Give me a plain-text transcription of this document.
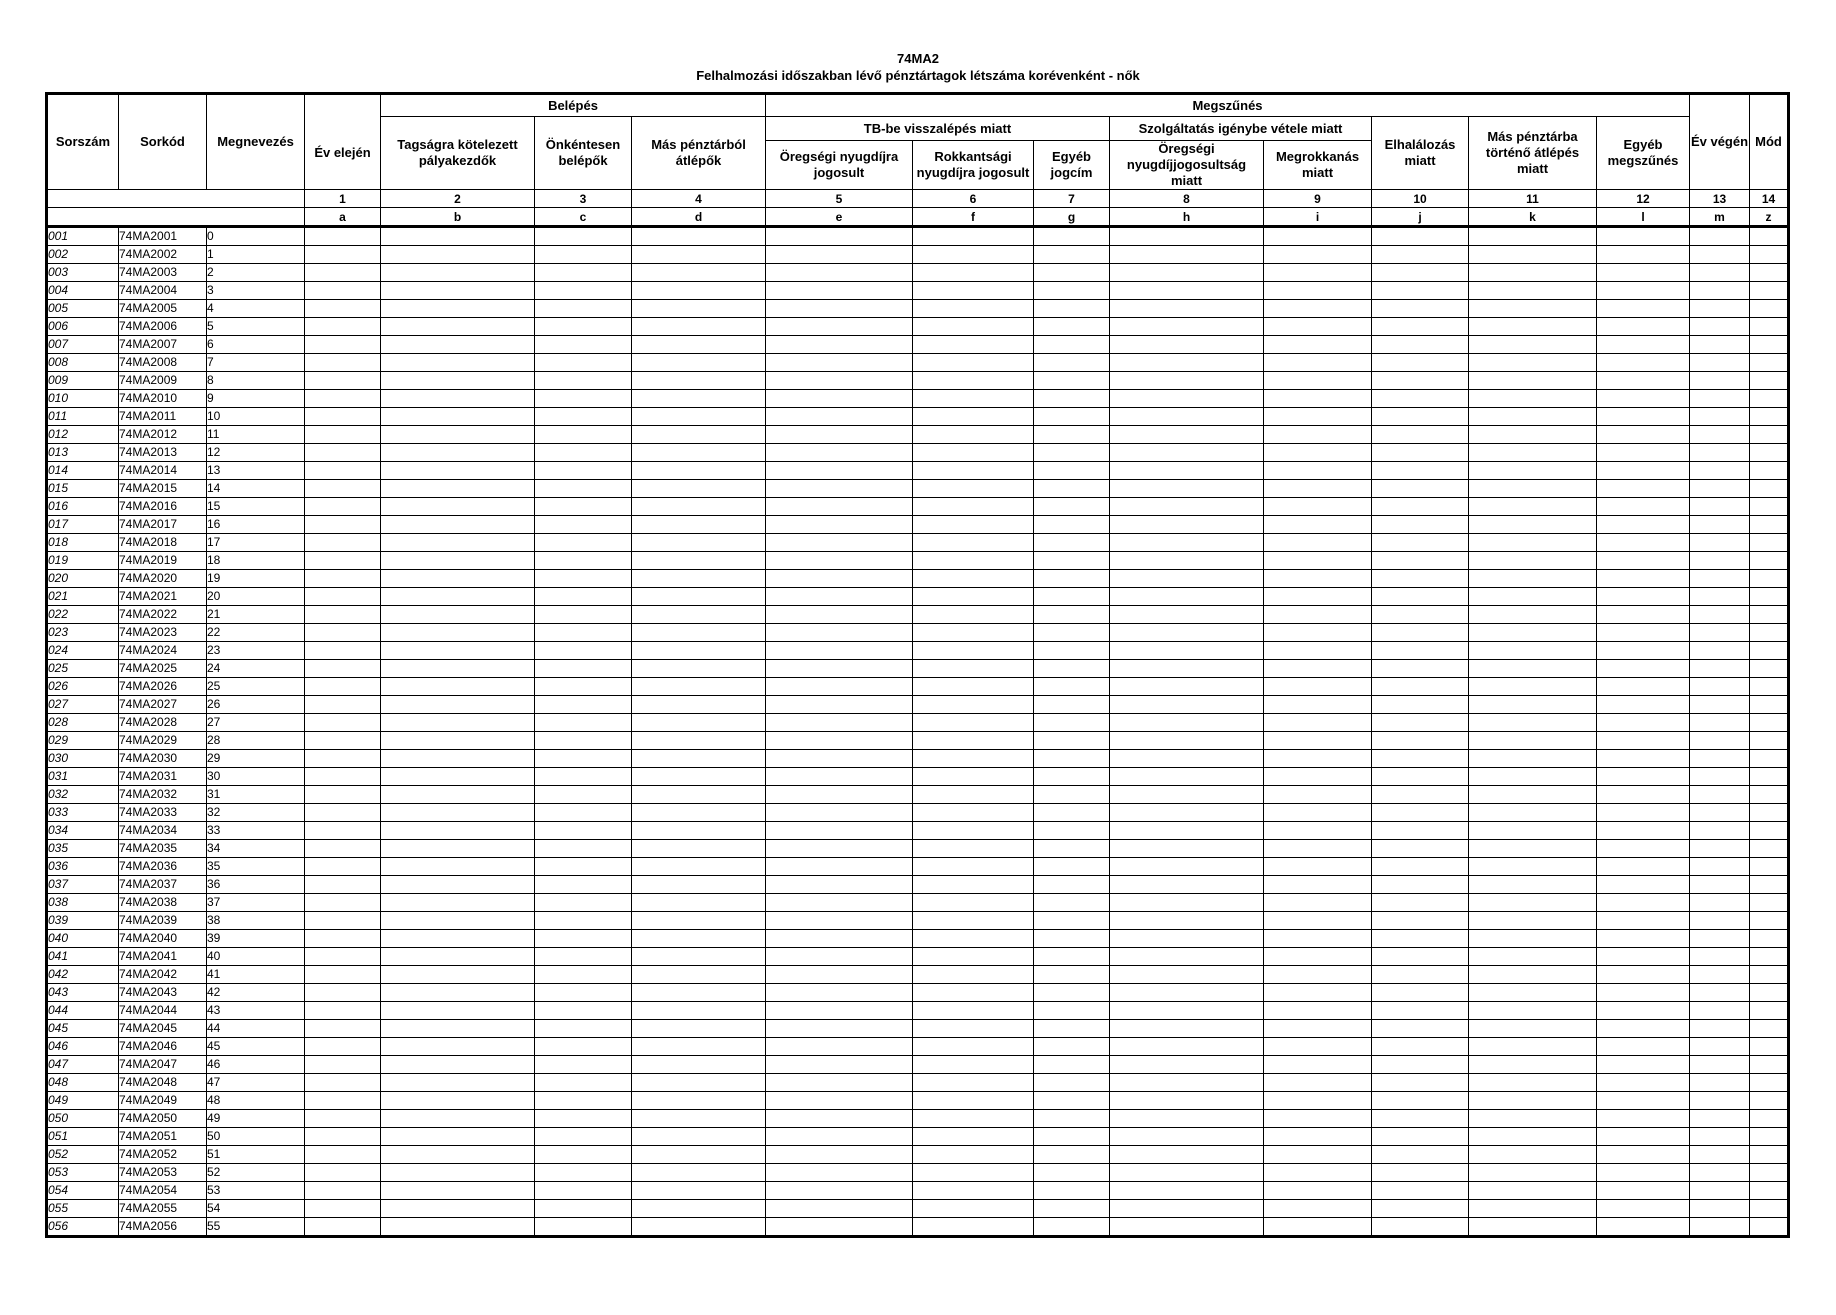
74MA2
Felhalmozási időszakban lévő pénztártagok létszáma korévenként - nők
Sorszám	Sorkód	Megnevezés	Év elején	Belépés			Megszűnés								Év végén	Mód
				Tagságra kötelezett pályakezdők	Önkéntesen belépők	Más pénztárból átlépők	TB-be visszalépés miatt			Szolgáltatás igénybe vétele miatt		Elhalálozás miatt	Más pénztárba történő átlépés miatt	Egyéb megszűnés		
							Öregségi nyugdíjra jogosult	Rokkantsági nyugdíjra jogosult	Egyéb jogcím	Öregségi nyugdíjjogosultság miatt	Megrokkanás miatt					

			1	2	3	4	5	6	7	8	9	10	11	12	13	14
			a	b	c	d	e	f	g	h	i	j	k	l	m	z
001	74MA2001	0														
002	74MA2002	1														
003	74MA2003	2														
004	74MA2004	3														
005	74MA2005	4														
006	74MA2006	5														
007	74MA2007	6														
008	74MA2008	7														
009	74MA2009	8														
010	74MA2010	9														
011	74MA2011	10														
012	74MA2012	11														
013	74MA2013	12														
014	74MA2014	13														
015	74MA2015	14														
016	74MA2016	15														
017	74MA2017	16														
018	74MA2018	17														
019	74MA2019	18														
020	74MA2020	19														
021	74MA2021	20														
022	74MA2022	21														
023	74MA2023	22														
024	74MA2024	23														
025	74MA2025	24														
026	74MA2026	25														
027	74MA2027	26														
028	74MA2028	27														
029	74MA2029	28														
030	74MA2030	29														
031	74MA2031	30														
032	74MA2032	31														
033	74MA2033	32														
034	74MA2034	33														
035	74MA2035	34														
036	74MA2036	35														
037	74MA2037	36														
038	74MA2038	37														
039	74MA2039	38														
040	74MA2040	39														
041	74MA2041	40														
042	74MA2042	41														
043	74MA2043	42														
044	74MA2044	43														
045	74MA2045	44														
046	74MA2046	45														
047	74MA2047	46														
048	74MA2048	47														
049	74MA2049	48														
050	74MA2050	49														
051	74MA2051	50														
052	74MA2052	51														
053	74MA2053	52														
054	74MA2054	53														
055	74MA2055	54														
056	74MA2056	55														
